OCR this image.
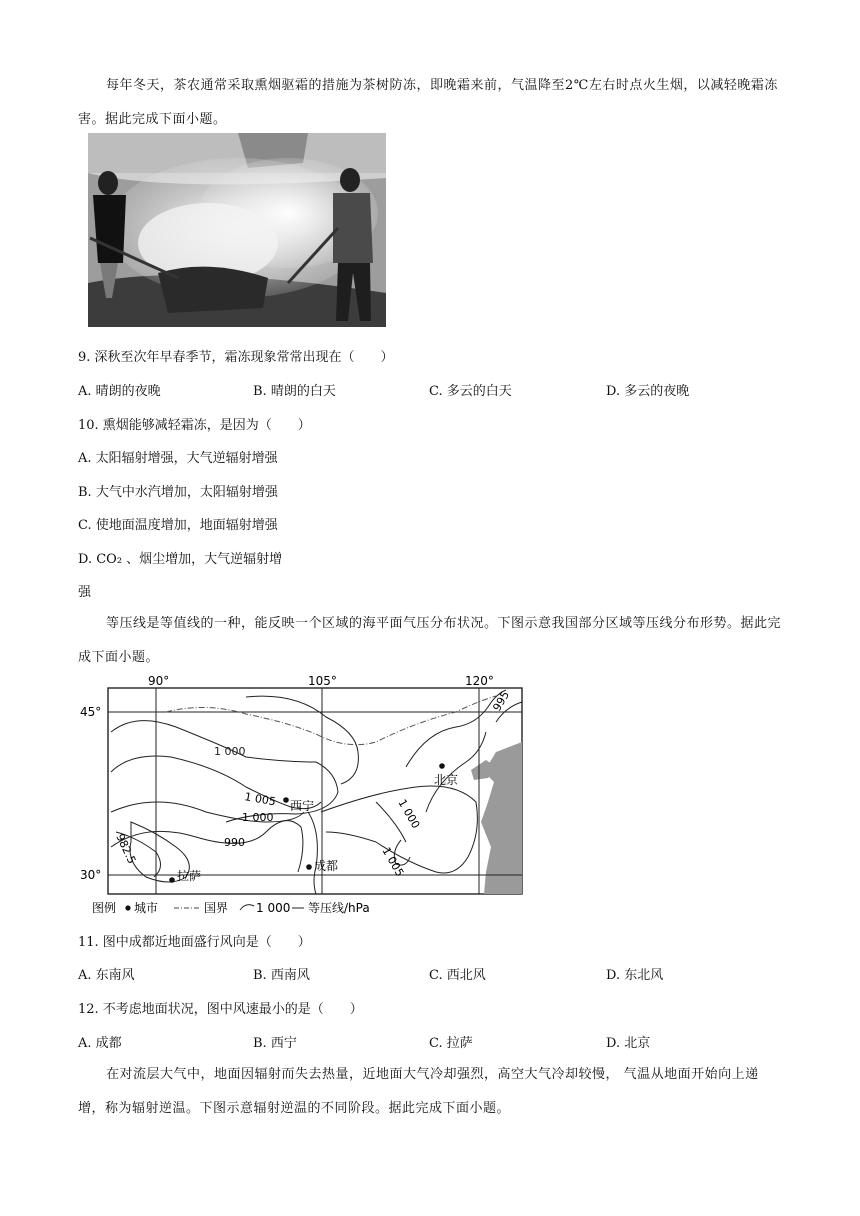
每年冬天，茶农通常采取熏烟驱霜的措施为茶树防冻，即晚霜来前，气温降至2℃左右时点火生烟，以减轻晚霜冻害。据此完成下面小题。
9. 深秋至次年早春季节，霜冻现象常常出现在（　　）
A. 晴朗的夜晚	B. 晴朗的白天	C. 多云的白天	D. 多云的夜晚
10. 熏烟能够减轻霜冻，是因为（　　）
A. 太阳辐射增强，大气逆辐射增强
B. 大气中水汽增加，太阳辐射增强
C. 使地面温度增加，地面辐射增强
D. CO₂ 、烟尘增加，大气逆辐射增
强
等压线是等值线的一种，能反映一个区域的海平面气压分布状况。下图示意我国部分区域等压线分布形势。据此完成下面小题。
90°	105°	120°
45°
30°
995
1 000
1 005
1 000
990
1 000
1 005
982.5
北京
西宁
成都
拉萨
图例 城市	国界 1 000 等压线/hPa
11. 图中成都近地面盛行风向是（　　）
A. 东南风	B. 西南风	C. 西北风	D. 东北风
12. 不考虑地面状况，图中风速最小的是（　　）
A. 成都	B. 西宁	C. 拉萨	D. 北京
在对流层大气中，地面因辐射而失去热量，近地面大气冷却强烈，高空大气冷却较慢， 气温从地面开始向上递增，称为辐射逆温。下图示意辐射逆温的不同阶段。据此完成下面小题。
